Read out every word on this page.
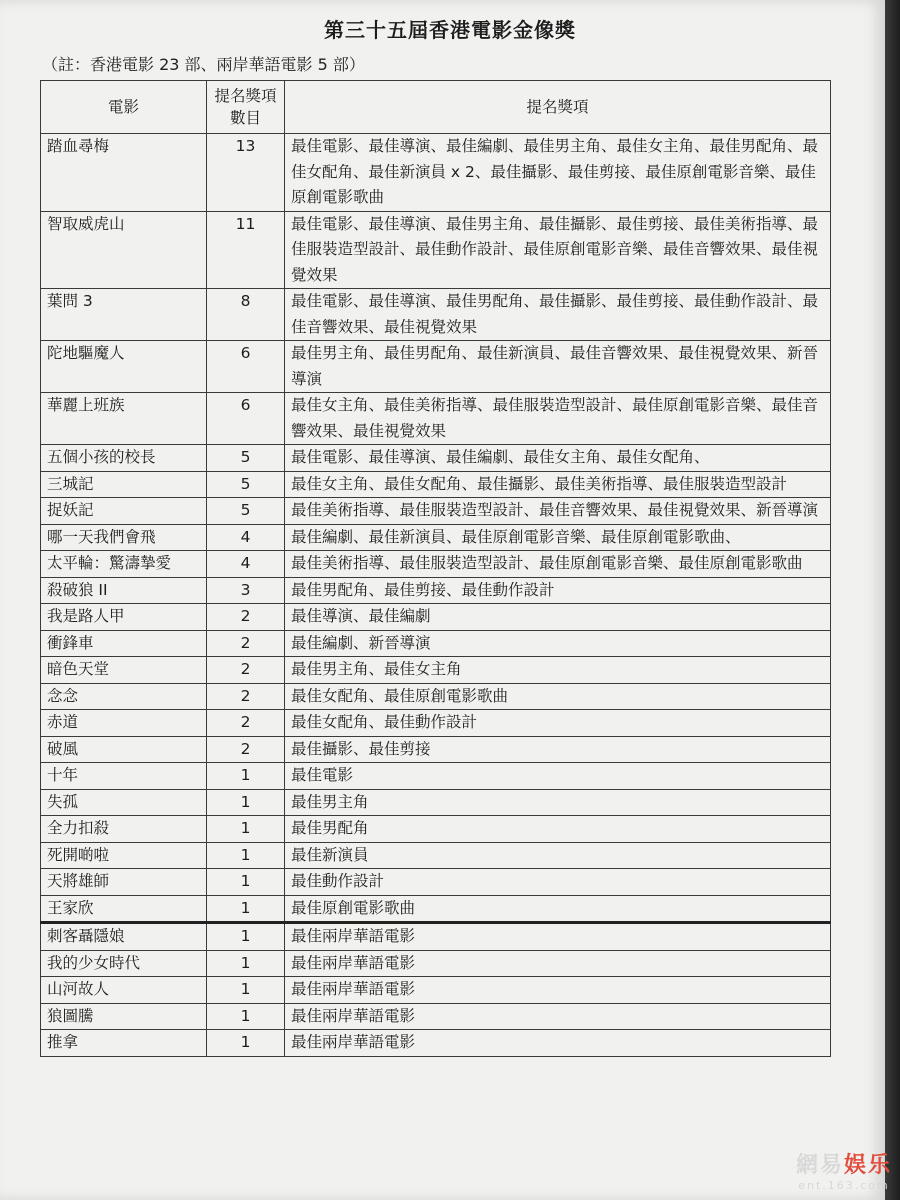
第三十五屆香港電影金像獎
（註：香港電影 23 部、兩岸華語電影 5 部）
電影	提名獎項數目	提名獎項
踏血尋梅	13	最佳電影、最佳導演、最佳編劇、最佳男主角、最佳女主角、最佳男配角、最佳女配角、最佳新演員 x 2、最佳攝影、最佳剪接、最佳原創電影音樂、最佳原創電影歌曲
智取威虎山	11	最佳電影、最佳導演、最佳男主角、最佳攝影、最佳剪接、最佳美術指導、最佳服裝造型設計、最佳動作設計、最佳原創電影音樂、最佳音響效果、最佳視覺效果
葉問 3	8	最佳電影、最佳導演、最佳男配角、最佳攝影、最佳剪接、最佳動作設計、最佳音響效果、最佳視覺效果
陀地驅魔人	6	最佳男主角、最佳男配角、最佳新演員、最佳音響效果、最佳視覺效果、新晉導演
華麗上班族	6	最佳女主角、最佳美術指導、最佳服裝造型設計、最佳原創電影音樂、最佳音響效果、最佳視覺效果
五個小孩的校長	5	最佳電影、最佳導演、最佳編劇、最佳女主角、最佳女配角、
三城記	5	最佳女主角、最佳女配角、最佳攝影、最佳美術指導、最佳服裝造型設計
捉妖記	5	最佳美術指導、最佳服裝造型設計、最佳音響效果、最佳視覺效果、新晉導演
哪一天我們會飛	4	最佳編劇、最佳新演員、最佳原創電影音樂、最佳原創電影歌曲、
太平輪：驚濤摯愛	4	最佳美術指導、最佳服裝造型設計、最佳原創電影音樂、最佳原創電影歌曲
殺破狼 II	3	最佳男配角、最佳剪接、最佳動作設計
我是路人甲	2	最佳導演、最佳編劇
衝鋒車	2	最佳編劇、新晉導演
暗色天堂	2	最佳男主角、最佳女主角
念念	2	最佳女配角、最佳原創電影歌曲
赤道	2	最佳女配角、最佳動作設計
破風	2	最佳攝影、最佳剪接
十年	1	最佳電影
失孤	1	最佳男主角
全力扣殺	1	最佳男配角
死開啲啦	1	最佳新演員
天將雄師	1	最佳動作設計
王家欣	1	最佳原創電影歌曲
刺客聶隱娘	1	最佳兩岸華語電影
我的少女時代	1	最佳兩岸華語電影
山河故人	1	最佳兩岸華語電影
狼圖騰	1	最佳兩岸華語電影
推拿	1	最佳兩岸華語電影
網易娱乐
ent.163.com
